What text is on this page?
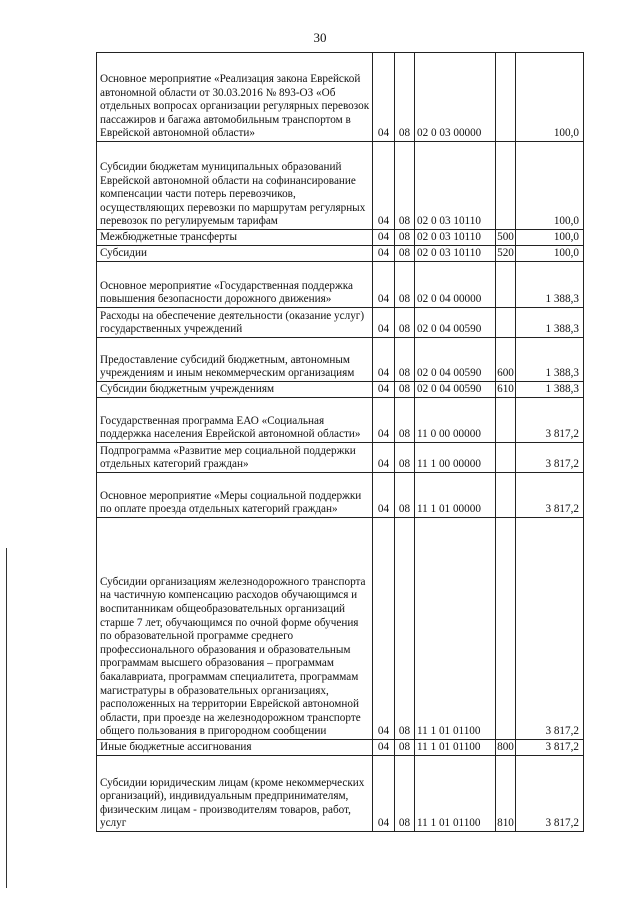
30
Основное мероприятие «Реализация закона Еврейской автономной области от 30.03.2016 № 893-ОЗ «Об отдельных вопросах организации регулярных перевозок пассажиров и багажа автомобильным транспортом в Еврейской автономной области»	04	08	02 0 03 00000		100,0
Субсидии бюджетам муниципальных образований Еврейской автономной области на софинансирование компенсации части потерь перевозчиков, осуществляющих перевозки по маршрутам регулярных перевозок по регулируемым тарифам	04	08	02 0 03 10110		100,0
Межбюджетные трансферты	04	08	02 0 03 10110	500	100,0
Субсидии	04	08	02 0 03 10110	520	100,0
Основное мероприятие «Государственная поддержка повышения безопасности дорожного движения»	04	08	02 0 04 00000		1 388,3
Расходы на обеспечение деятельности (оказание услуг) государственных учреждений	04	08	02 0 04 00590		1 388,3
Предоставление субсидий бюджетным, автономным учреждениям и иным некоммерческим организациям	04	08	02 0 04 00590	600	1 388,3
Субсидии бюджетным учреждениям	04	08	02 0 04 00590	610	1 388,3
Государственная программа ЕАО «Социальная поддержка населения Еврейской автономной области»	04	08	11 0 00 00000		3 817,2
Подпрограмма «Развитие мер социальной поддержки отдельных категорий граждан»	04	08	11 1 00 00000		3 817,2
Основное мероприятие «Меры социальной поддержки по оплате проезда отдельных категорий граждан»	04	08	11 1 01 00000		3 817,2
Субсидии организациям железнодорожного транспорта на частичную компенсацию расходов обучающимся и воспитанникам общеобразовательных организаций старше 7 лет, обучающимся по очной форме обучения по образовательной программе среднего профессионального образования и образовательным программам высшего образования – программам бакалавриата, программам специалитета, программам магистратуры в образовательных организациях, расположенных на территории Еврейской автономной области, при проезде на железнодорожном транспорте общего пользования в пригородном сообщении	04	08	11 1 01 01100		3 817,2
Иные бюджетные ассигнования	04	08	11 1 01 01100	800	3 817,2
Субсидии юридическим лицам (кроме некоммерческих организаций), индивидуальным предпринимателям, физическим лицам - производителям товаров, работ, услуг	04	08	11 1 01 01100	810	3 817,2
